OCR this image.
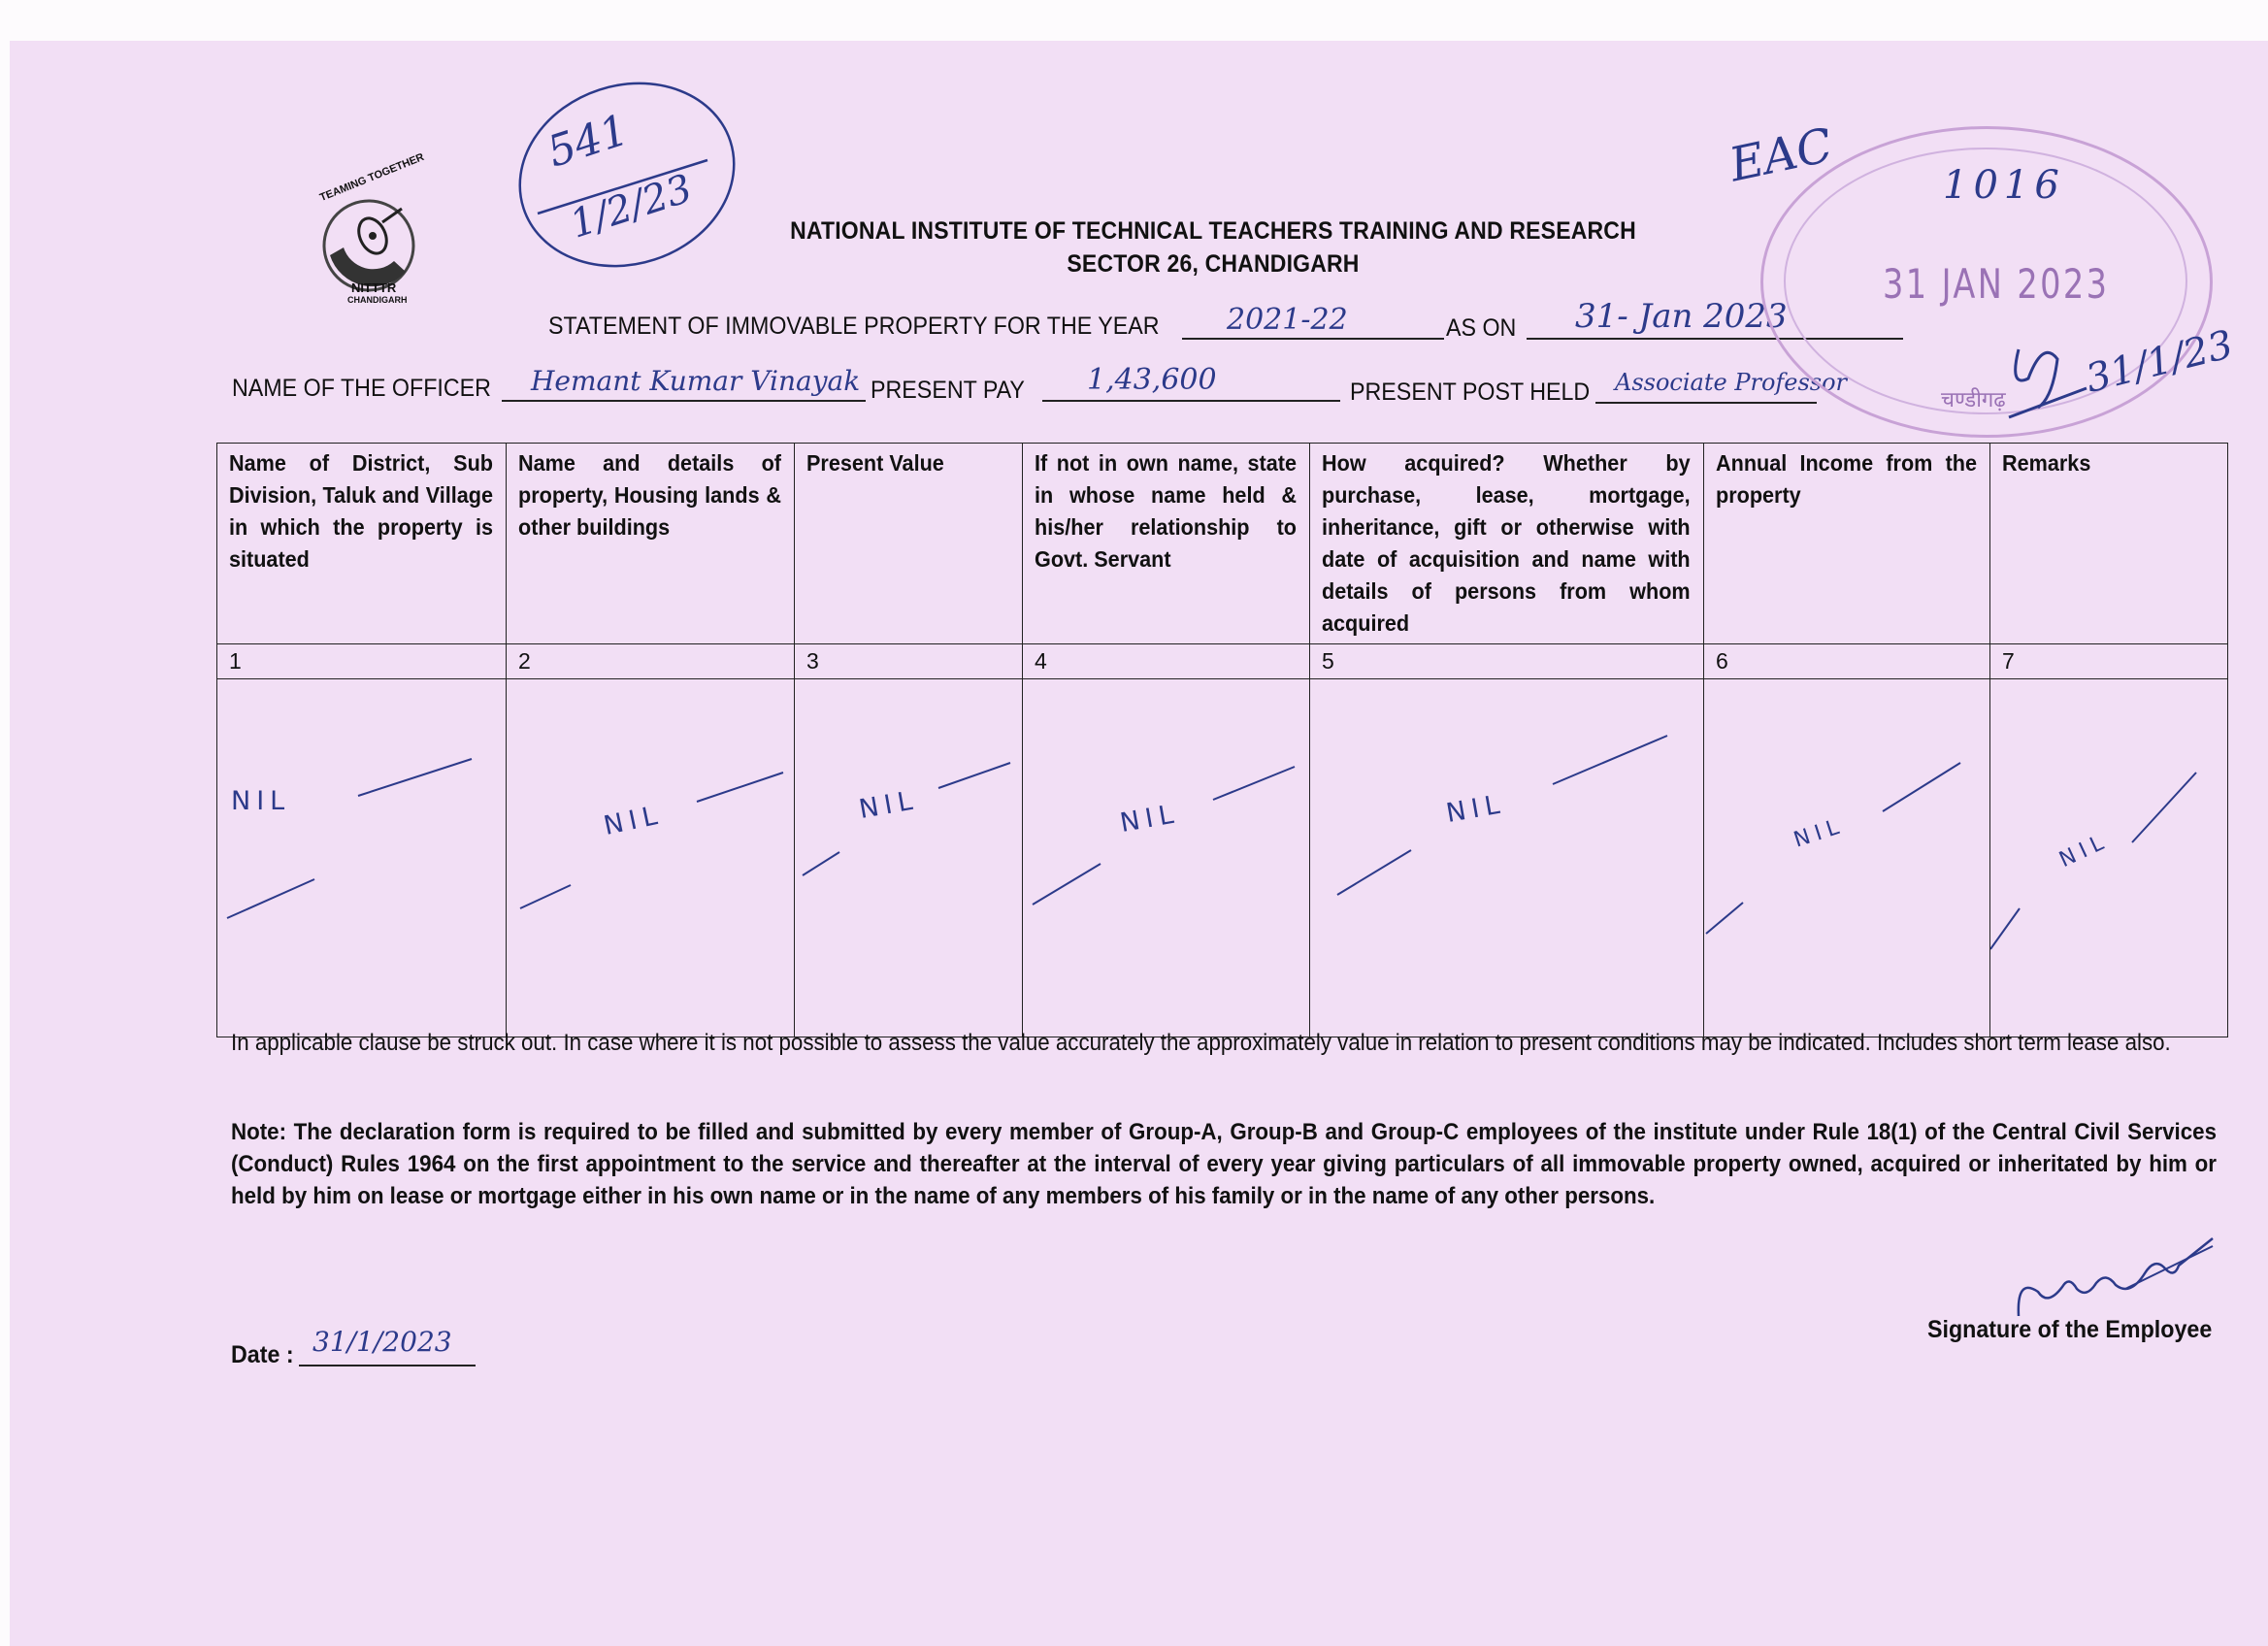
TEAMING TOGETHER
NITTTR
CHANDIGARH
541
1/2/23	NATIONAL INSTITUTE OF TECHNICAL TEACHERS TRAINING AND RESEARCH
SECTOR 26, CHANDIGARH
STATEMENT OF IMMOVABLE PROPERTY FOR THE YEAR 2021-22	AS ON 31- Jan 2023
NAME OF THE OFFICER Hemant Kumar Vinayak PRESENT PAY 1,43,600	PRESENT POST HELD Associate Professor
31 JAN 2023
चण्डीगढ़
EAC	1016
31/1/23
Name of District, Sub Division, Taluk and Village in which the property is situated	Name and details of property, Housing lands & other buildings	Present Value	If not in own name, state in whose name held & his/her relationship to Govt. Servant	How acquired? Whether by purchase, lease, mortgage, inheritance, gift or otherwise with date of acquisition and name with details of persons from whom acquired	Annual Income from the property	Remarks

1	2	3	4	5	6	7

NIL	NIL	NIL	NIL	NIL	NIL	NIL
In applicable clause be struck out. In case where it is not possible to assess the value accurately the approximately value in relation to present conditions may be indicated. Includes short term lease also.
Note: The declaration form is required to be filled and submitted by every member of Group-A, Group-B and Group-C employees of the institute under Rule 18(1) of the Central Civil Services (Conduct) Rules 1964 on the first appointment to the service and thereafter at the interval of every year giving particulars of all immovable property owned, acquired or inheritated by him or held by him on lease or mortgage either in his own name or in the name of any members of his family or in the name of any other persons.
Date : 31/1/2023	Signature of the Employee
